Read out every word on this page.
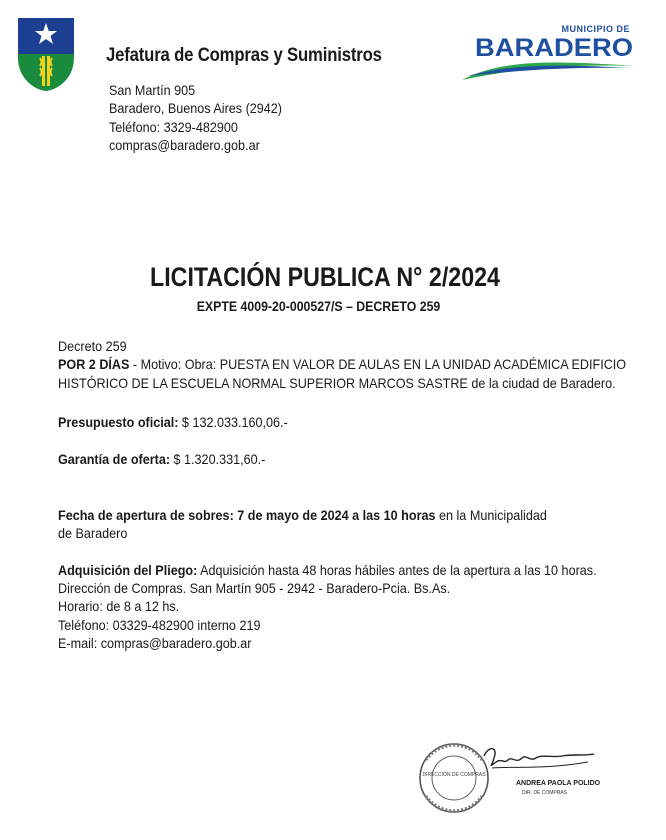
Jefatura de Compras y Suministros
San Martín 905
Baradero, Buenos Aires (2942)
Teléfono: 3329-482900
compras@baradero.gob.ar
MUNICIPIO DE
BARADERO
LICITACIÓN PUBLICA N° 2/2024
EXPTE 4009-20-000527/S – DECRETO 259
Decreto 259
POR 2 DÍAS - Motivo: Obra: PUESTA EN VALOR DE AULAS EN LA UNIDAD ACADÉMICA EDIFICIO
HISTÓRICO DE LA ESCUELA NORMAL SUPERIOR MARCOS SASTRE de la ciudad de Baradero.
Presupuesto oficial: $ 132.033.160,06.-
Garantía de oferta: $ 1.320.331,60.-
Fecha de apertura de sobres: 7 de mayo de 2024 a las 10 horas en la Municipalidad
de Baradero
Adquisición del Pliego: Adquisición hasta 48 horas hábiles antes de la apertura a las 10 horas.
Dirección de Compras. San Martín 905 - 2942 - Baradero-Pcia. Bs.As.
Horario: de 8 a 12 hs.
Teléfono: 03329-482900 interno 219
E-mail: compras@baradero.gob.ar
DIRECCIÓN DE COMPRAS
ANDREA PAOLA POLIDO
DIR. DE COMPRAS
